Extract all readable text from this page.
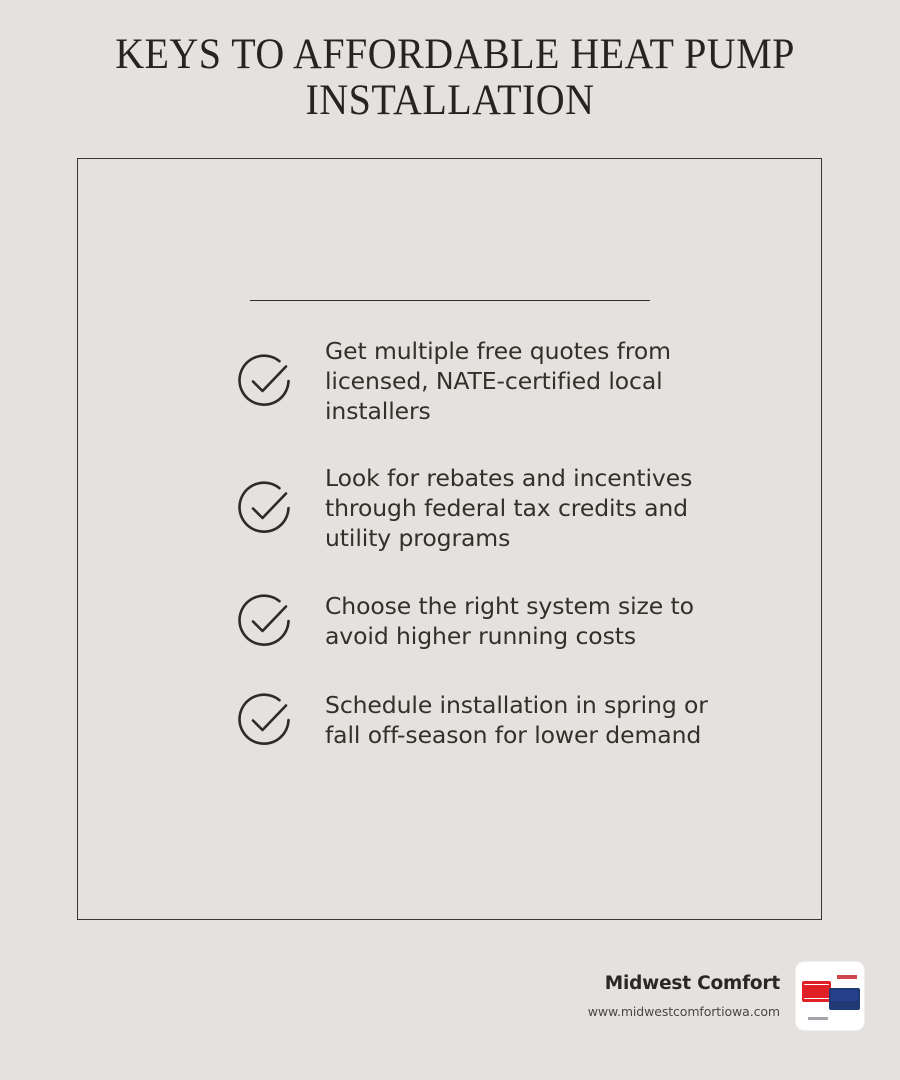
KEYS TO AFFORDABLE HEAT PUMP
INSTALLATION
Get multiple free quotes from licensed, NATE-certified local installers
Look for rebates and incentives through federal tax credits and utility programs
Choose the right system size to avoid higher running costs
Schedule installation in spring or fall off-season for lower demand
Midwest Comfort
www.midwestcomfortiowa.com
